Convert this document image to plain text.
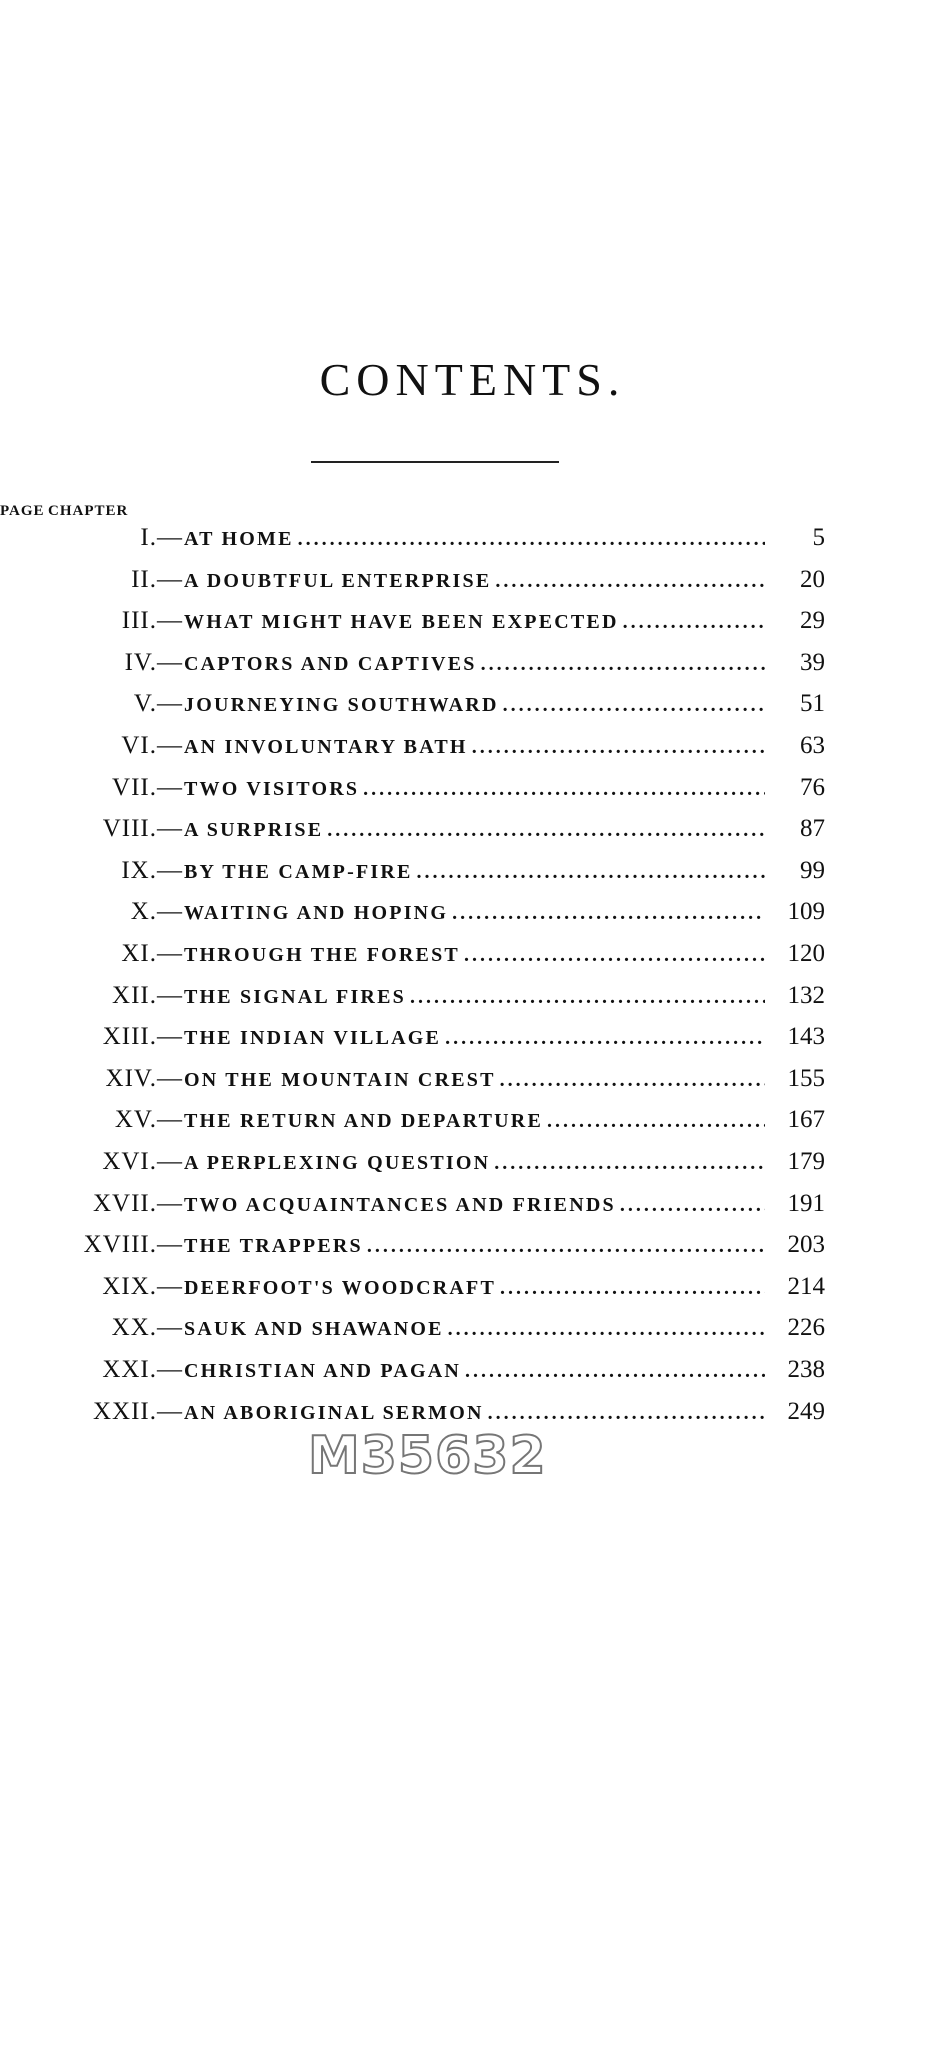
CONTENTS.
CHAPTER
PAGE
I. — AT HOME . . .	5
II. — A DOUBTFUL ENTERPRISE . . .	20
III. — WHAT MIGHT HAVE BEEN EXPECTED . . .	29
IV. — CAPTORS AND CAPTIVES . . .	39
V. — JOURNEYING SOUTHWARD . . .	51
VI. — AN INVOLUNTARY BATH . . .	63
VII. — TWO VISITORS . . .	76
VIII. — A SURPRISE . . .	87
IX. — BY THE CAMP-FIRE . . .	99
X. — WAITING AND HOPING . . .	109
XI. — THROUGH THE FOREST . . .	120
XII. — THE SIGNAL FIRES . . .	132
XIII. — THE INDIAN VILLAGE . . .	143
XIV. — ON THE MOUNTAIN CREST . . .	155
XV. — THE RETURN AND DEPARTURE . . .	167
XVI. — A PERPLEXING QUESTION . . .	179
XVII. — TWO ACQUAINTANCES AND FRIENDS . . .	191
XVIII. — THE TRAPPERS . . .	203
XIX. — DEERFOOT'S WOODCRAFT . . .	214
XX. — SAUK AND SHAWANOE . . .	226
XXI. — CHRISTIAN AND PAGAN . . .	238
XXII. — AN ABORIGINAL SERMON . . .	249
M35632
